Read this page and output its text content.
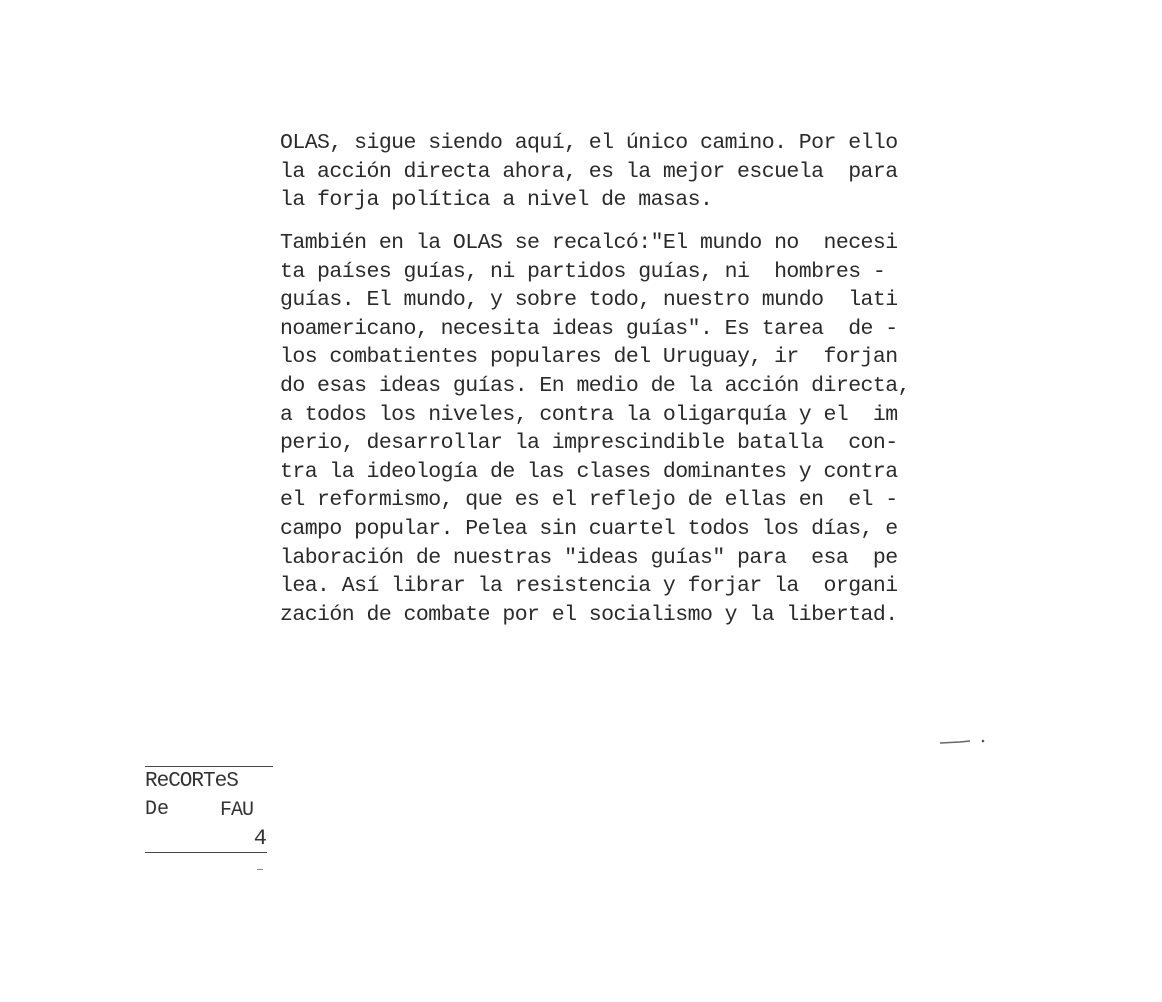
OLAS, sigue siendo aquí, el único camino. Por ello
la acción directa ahora, es la mejor escuela  para
la forja política a nivel de masas.
También en la OLAS se recalcó:"El mundo no  necesi
ta países guías, ni partidos guías, ni  hombres -
guías. El mundo, y sobre todo, nuestro mundo  lati
noamericano, necesita ideas guías". Es tarea  de -
los combatientes populares del Uruguay, ir  forjan
do esas ideas guías. En medio de la acción directa,
a todos los niveles, contra la oligarquía y el  im
perio, desarrollar la imprescindible batalla  con-
tra la ideología de las clases dominantes y contra
el reformismo, que es el reflejo de ellas en  el -
campo popular. Pelea sin cuartel todos los días, e
laboración de nuestras "ideas guías" para  esa  pe
lea. Así librar la resistencia y forjar la  organi
zación de combate por el socialismo y la libertad.
ReCORTeS
De	FAU
4
